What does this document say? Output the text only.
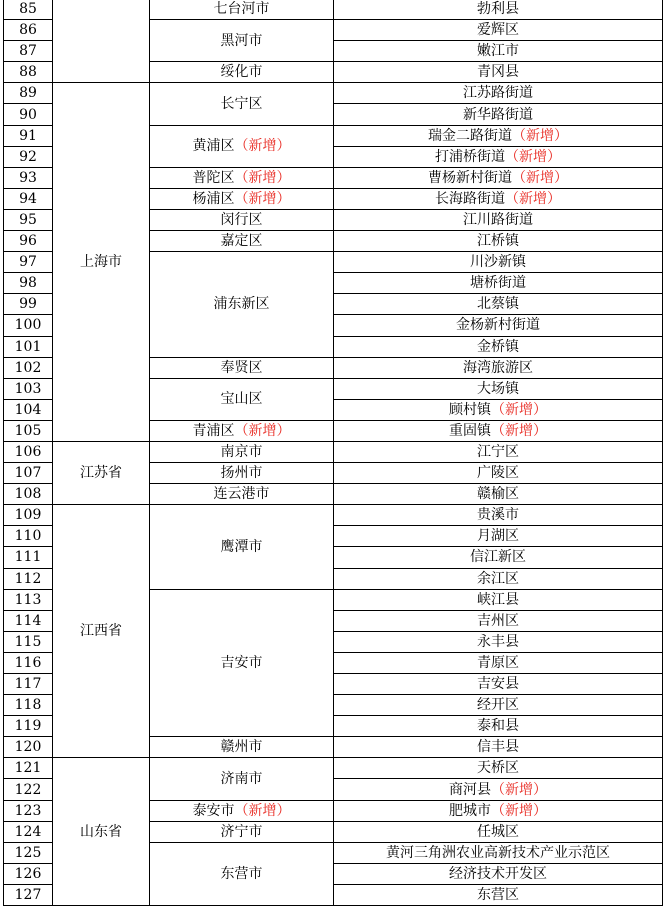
85		七台河市	勃利县
86		黑河市	爱辉区
87			嫩江市
88		绥化市	青冈县
89	上海市	长宁区	江苏路街道
90			新华路街道
91		黄浦区（新增）	瑞金二路街道（新增）
92			打浦桥街道（新增）
93		普陀区（新增）	曹杨新村街道（新增）
94		杨浦区（新增）	长海路街道（新增）
95		闵行区	江川路街道
96		嘉定区	江桥镇
97		浦东新区	川沙新镇
98			塘桥街道
99			北蔡镇
100			金杨新村街道
101			金桥镇
102		奉贤区	海湾旅游区
103		宝山区	大场镇
104			顾村镇（新增）
105		青浦区（新增）	重固镇（新增）
106	江苏省	南京市	江宁区
107		扬州市	广陵区
108		连云港市	赣榆区
109	江西省	鹰潭市	贵溪市
110			月湖区
111			信江新区
112			余江区
113		吉安市	峡江县
114			吉州区
115			永丰县
116			青原区
117			吉安县
118			经开区
119			泰和县
120		赣州市	信丰县
121	山东省	济南市	天桥区
122			商河县（新增）
123		泰安市（新增）	肥城市（新增）
124		济宁市	任城区
125		东营市	黄河三角洲农业高新技术产业示范区
126			经济技术开发区
127			东营区
